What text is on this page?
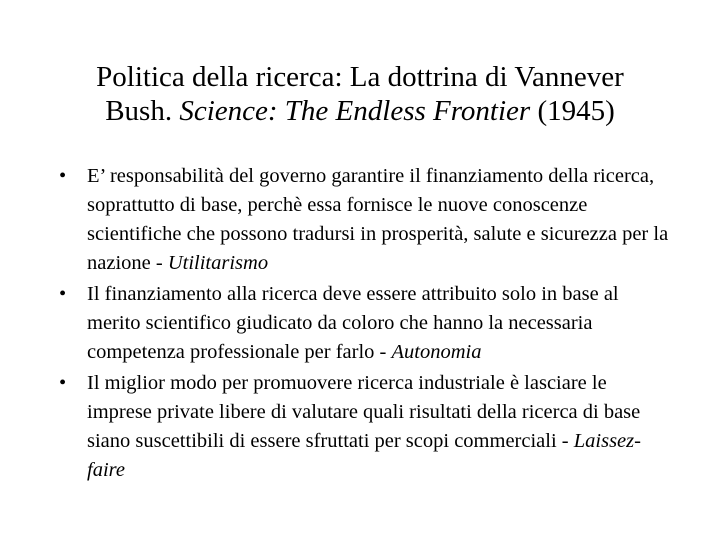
Politica della ricerca: La dottrina di Vannever
Bush. Science: The Endless Frontier (1945)
• E’ responsabilità del governo garantire il finanziamento della ricerca, soprattutto di base, perchè essa fornisce le nuove conoscenze scientifiche che possono tradursi in prosperità, salute e sicurezza per la nazione - Utilitarismo
• Il finanziamento alla ricerca deve essere attribuito solo in base al merito scientifico giudicato da coloro che hanno la necessaria competenza professionale per farlo - Autonomia
• Il miglior modo per promuovere ricerca industriale è lasciare le imprese private libere di valutare quali risultati della ricerca di base siano suscettibili di essere sfruttati per scopi commerciali - Laissez-faire
